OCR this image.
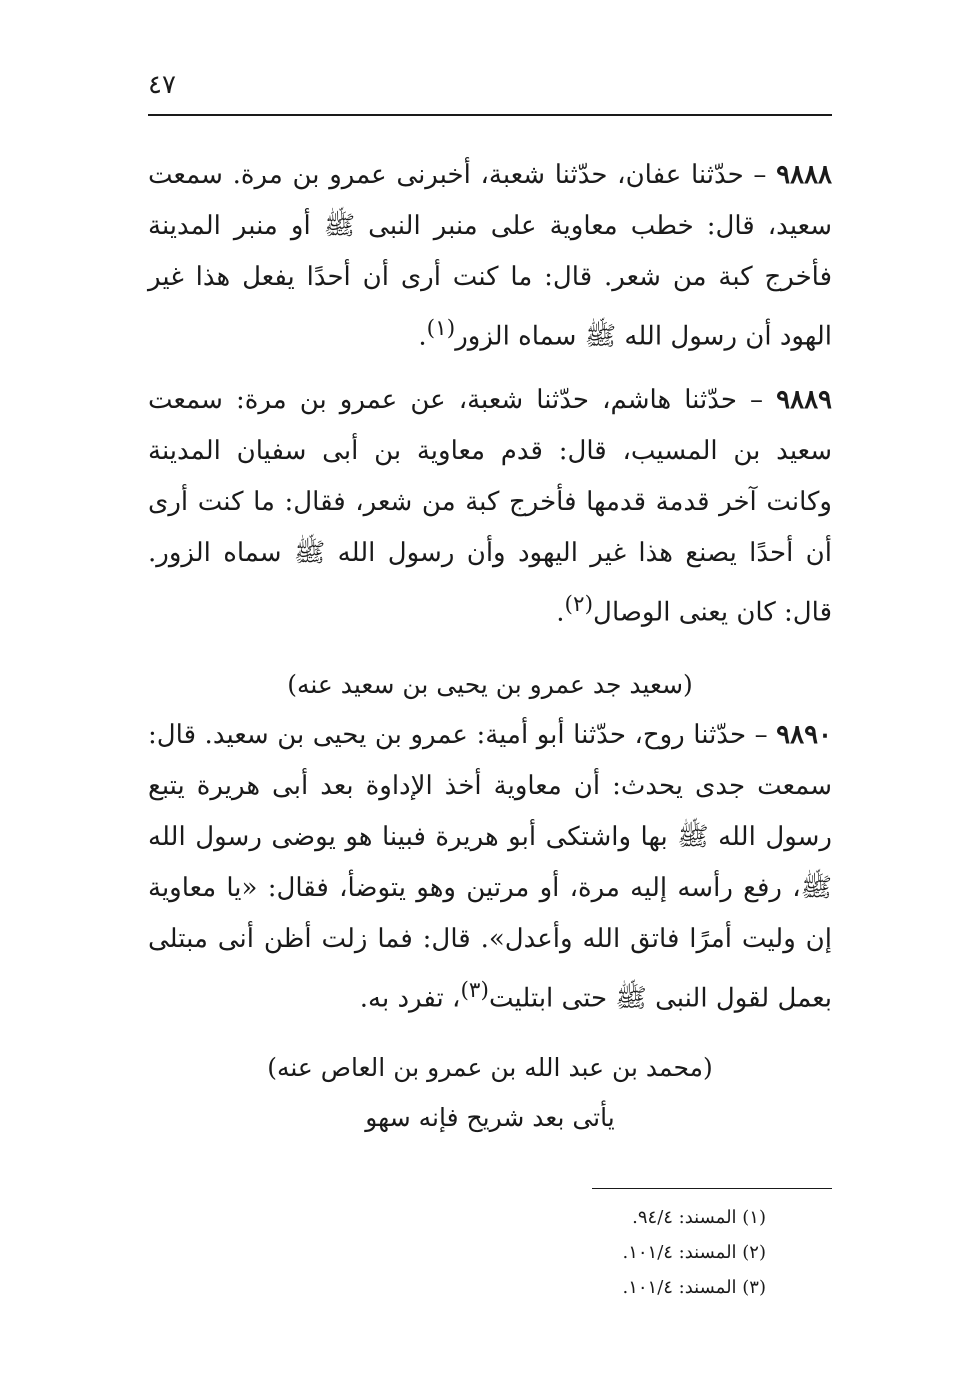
٤٧

٩٨٨٨ – حدّثنا عفان، حدّثنا شعبة، أخبرنى عمرو بن مرة. سمعت سعيد، قال: خطب معاوية على منبر النبى ﷺ أو منبر المدينة فأخرج كبة من شعر. قال: ما كنت أرى أن أحدًا يفعل هذا غير الهود أن رسول الله ﷺ سماه الزور$^{(١)}$.

٩٨٨٩ – حدّثنا هاشم، حدّثنا شعبة، عن عمرو بن مرة: سمعت سعيد بن المسيب، قال: قدم معاوية بن أبى سفيان المدينة وكانت آخر قدمة قدمها فأخرج كبة من شعر، فقال: ما كنت أرى أن أحدًا يصنع هذا غير اليهود وأن رسول الله ﷺ سماه الزور. قال: كان يعنى الوصال$^{(٢)}$.

(سعيد جد عمرو بن يحيى بن سعيد عنه)

٩٨٩٠ – حدّثنا روح، حدّثنا أبو أمية: عمرو بن يحيى بن سعيد. قال: سمعت جدى يحدث: أن معاوية أخذ الإداوة بعد أبى هريرة يتبع رسول الله ﷺ بها واشتكى أبو هريرة فبينا هو يوضى رسول الله ﷺ، رفع رأسه إليه مرة، أو مرتين وهو يتوضأ، فقال: «يا معاوية إن وليت أمرًا فاتق الله وأعدل». قال: فما زلت أظن أنى مبتلى بعمل لقول النبى ﷺ حتى ابتليت$^{(٣)}$، تفرد به.

(محمد بن عبد الله بن عمرو بن العاص عنه)

يأتى بعد شريح فإنه سهو

(١) المسند: ٩٤/٤.
(٢) المسند: ١٠١/٤.
(٣) المسند: ١٠١/٤.
